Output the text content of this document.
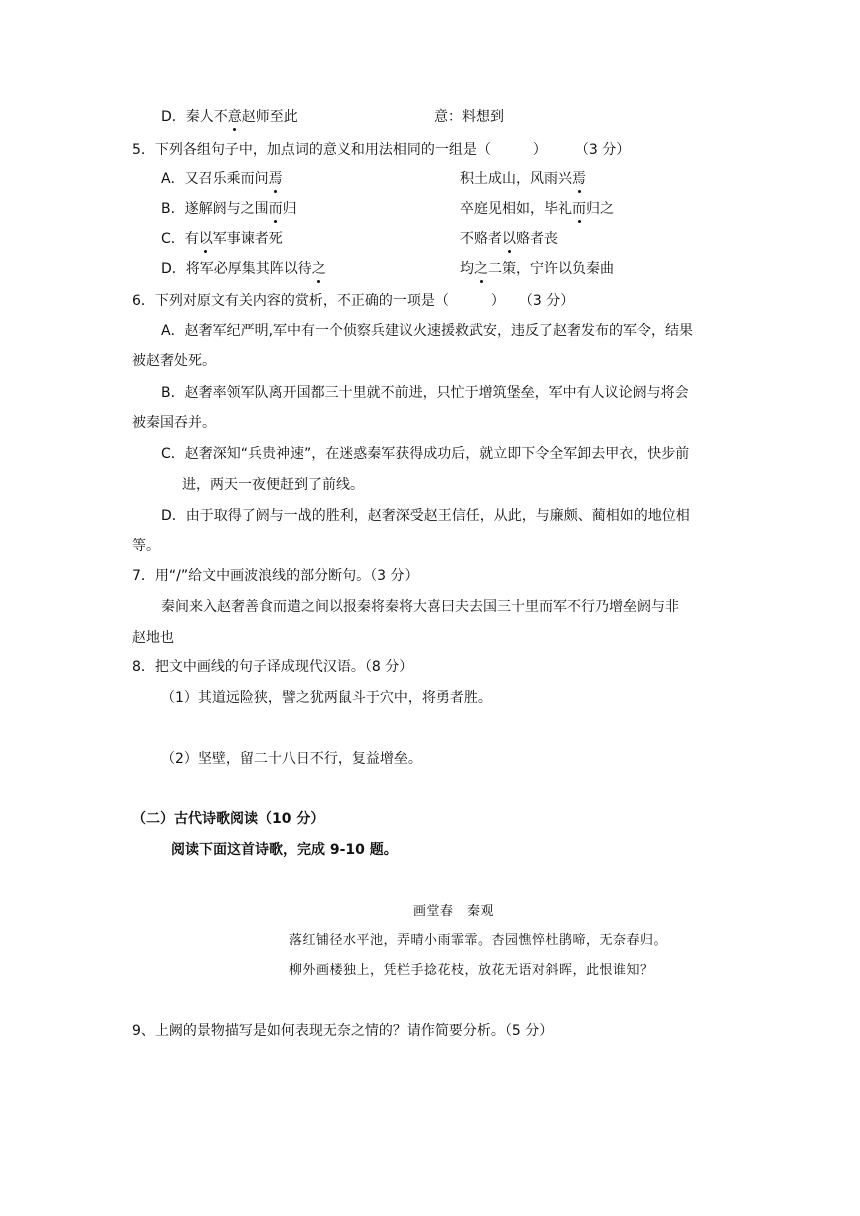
D．秦人不意赵师至此	意：料想到
5．下列各组句子中，加点词的意义和用法相同的一组是（　　　）　　　（3 分）
A．又召乐乘而问焉	积土成山，风雨兴焉
B．遂解阏与之围而归	卒庭见相如，毕礼而归之
C．有以军事谏者死	不赂者以赂者丧
D．将军必厚集其阵以待之	均之二策，宁许以负秦曲
6．下列对原文有关内容的赏析，不正确的一项是（　　　）　　（3 分）
A．赵奢军纪严明,军中有一个侦察兵建议火速援救武安，违反了赵奢发布的军令，结果
被赵奢处死。
B．赵奢率领军队离开国都三十里就不前进，只忙于增筑堡垒，军中有人议论阏与将会
被秦国吞并。
C．赵奢深知“兵贵神速”，在迷惑秦军获得成功后，就立即下令全军卸去甲衣，快步前
进，两天一夜便赶到了前线。
D．由于取得了阏与一战的胜利，赵奢深受赵王信任，从此，与廉颇、蔺相如的地位相
等。
7．用“/”给文中画波浪线的部分断句。（3 分）
秦间来入赵奢善食而遣之间以报秦将秦将大喜曰夫去国三十里而军不行乃增垒阏与非
赵地也
8．把文中画线的句子译成现代汉语。（8 分）
（1）其道远险狭，譬之犹两鼠斗于穴中，将勇者胜。
（2）坚壁，留二十八日不行，复益增垒。
（二）古代诗歌阅读（10 分）
阅读下面这首诗歌，完成 9-10 题。
画堂春　秦观
落红铺径水平池，弄晴小雨霏霏。杏园憔悴杜鹃啼，无奈春归。
柳外画楼独上，凭栏手捻花枝，放花无语对斜晖，此恨谁知？
9、上阙的景物描写是如何表现无奈之情的？请作简要分析。（5 分）
